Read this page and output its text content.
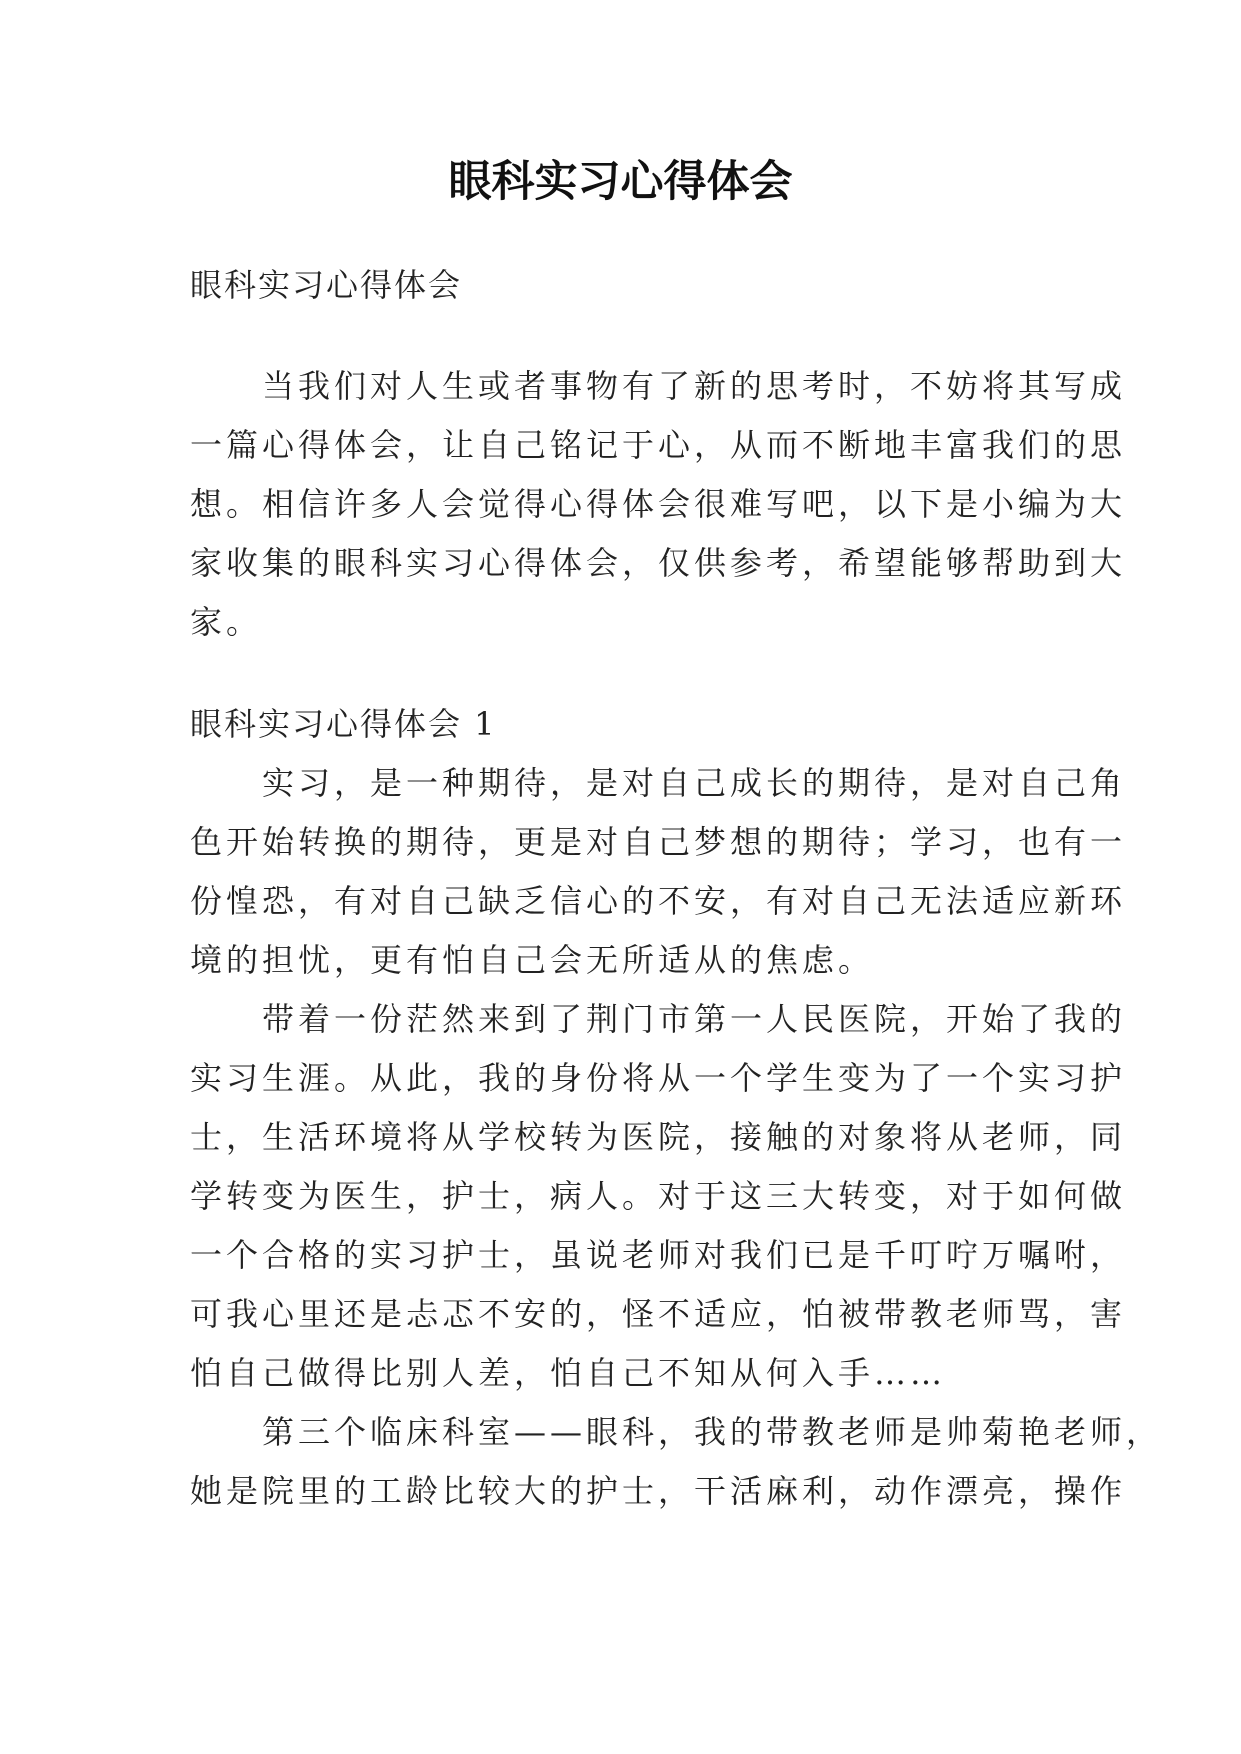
眼科实习心得体会

眼科实习心得体会

　　当我们对人生或者事物有了新的思考时，不妨将其写成
一篇心得体会，让自己铭记于心，从而不断地丰富我们的思
想。相信许多人会觉得心得体会很难写吧，以下是小编为大
家收集的眼科实习心得体会，仅供参考，希望能够帮助到大
家。

眼科实习心得体会 1

　　实习，是一种期待，是对自己成长的期待，是对自己角
色开始转换的期待，更是对自己梦想的期待；学习，也有一
份惶恐，有对自己缺乏信心的不安，有对自己无法适应新环
境的担忧，更有怕自己会无所适从的焦虑。
　　带着一份茫然来到了荆门市第一人民医院，开始了我的
实习生涯。从此，我的身份将从一个学生变为了一个实习护
士，生活环境将从学校转为医院，接触的对象将从老师，同
学转变为医生，护士，病人。对于这三大转变，对于如何做
一个合格的实习护士，虽说老师对我们已是千叮咛万嘱咐，
可我心里还是忐忑不安的，怪不适应，怕被带教老师骂，害
怕自己做得比别人差，怕自己不知从何入手……
　　第三个临床科室——眼科，我的带教老师是帅菊艳老师，
她是院里的工龄比较大的护士，干活麻利，动作漂亮，操作
